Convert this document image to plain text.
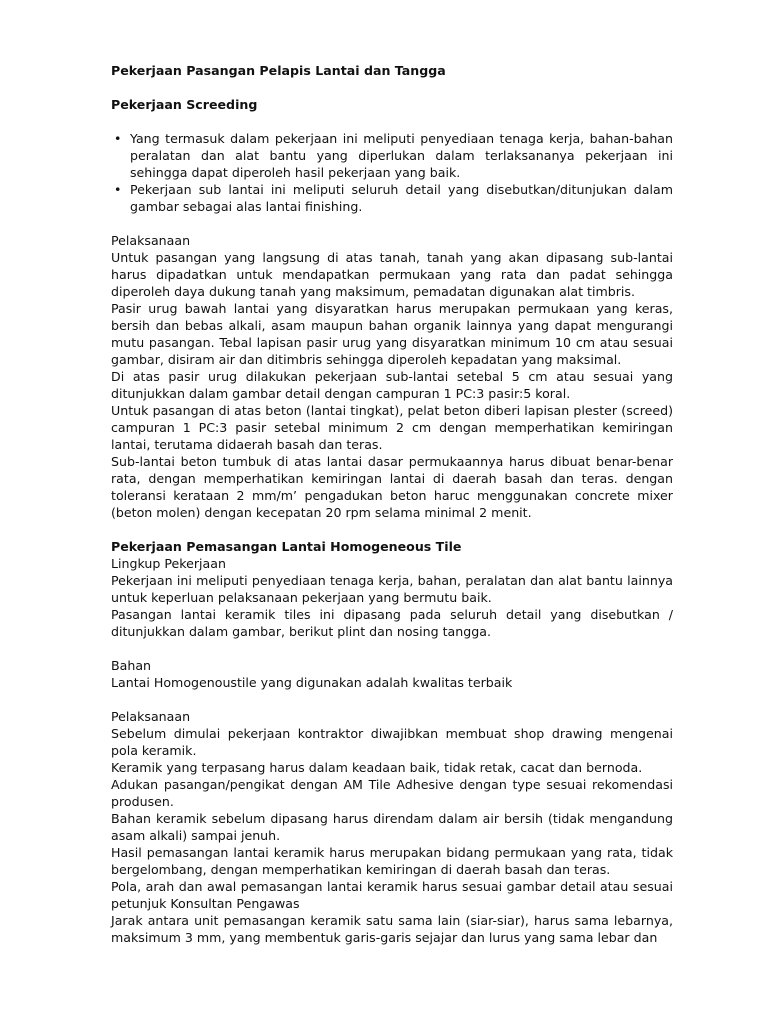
Pekerjaan Pasangan Pelapis Lantai dan Tangga

Pekerjaan Screeding

• Yang termasuk dalam pekerjaan ini meliputi penyediaan tenaga kerja, bahan-bahan peralatan dan alat bantu yang diperlukan dalam terlaksananya pekerjaan ini sehingga dapat diperoleh hasil pekerjaan yang baik.
• Pekerjaan sub lantai ini meliputi seluruh detail yang disebutkan/ditunjukan dalam gambar sebagai alas lantai finishing.

Pelaksanaan

Untuk pasangan yang langsung di atas tanah, tanah yang akan dipasang sub-lantai harus dipadatkan untuk mendapatkan permukaan yang rata dan padat sehingga diperoleh daya dukung tanah yang maksimum, pemadatan digunakan alat timbris.

Pasir urug bawah lantai yang disyaratkan harus merupakan permukaan yang keras, bersih dan bebas alkali, asam maupun bahan organik lainnya yang dapat mengurangi mutu pasangan. Tebal lapisan pasir urug yang disyaratkan minimum 10 cm atau sesuai gambar, disiram air dan ditimbris sehingga diperoleh kepadatan yang maksimal.

Di atas pasir urug dilakukan pekerjaan sub-lantai setebal 5 cm atau sesuai yang ditunjukkan dalam gambar detail dengan campuran 1 PC:3 pasir:5 koral.

Untuk pasangan di atas beton (lantai tingkat), pelat beton diberi lapisan plester (screed) campuran 1 PC:3 pasir setebal minimum 2 cm dengan memperhatikan kemiringan lantai, terutama didaerah basah dan teras.

Sub-lantai beton tumbuk di atas lantai dasar permukaannya harus dibuat benar-benar rata, dengan memperhatikan kemiringan lantai di daerah basah dan teras. dengan toleransi kerataan 2 mm/m’ pengadukan beton haruc menggunakan concrete mixer (beton molen) dengan kecepatan 20 rpm selama minimal 2 menit.

Pekerjaan Pemasangan Lantai Homogeneous Tile

Lingkup Pekerjaan

Pekerjaan ini meliputi penyediaan tenaga kerja, bahan, peralatan dan alat bantu lainnya untuk keperluan pelaksanaan pekerjaan yang bermutu baik.

Pasangan lantai keramik tiles ini dipasang pada seluruh detail yang disebutkan / ditunjukkan dalam gambar, berikut plint dan nosing tangga.

Bahan

Lantai Homogenoustile yang digunakan adalah kwalitas terbaik

Pelaksanaan

Sebelum dimulai pekerjaan kontraktor diwajibkan membuat shop drawing mengenai pola keramik.

Keramik yang terpasang harus dalam keadaan baik, tidak retak, cacat dan bernoda.

Adukan pasangan/pengikat dengan AM Tile Adhesive dengan type sesuai rekomendasi produsen.

Bahan keramik sebelum dipasang harus direndam dalam air bersih (tidak mengandung asam alkali) sampai jenuh.

Hasil pemasangan lantai keramik harus merupakan bidang permukaan yang rata, tidak bergelombang, dengan memperhatikan kemiringan di daerah basah dan teras.

Pola, arah dan awal pemasangan lantai keramik harus sesuai gambar detail atau sesuai petunjuk Konsultan Pengawas

Jarak antara unit pemasangan keramik satu sama lain (siar-siar), harus sama lebarnya, maksimum 3 mm, yang membentuk garis-garis sejajar dan lurus yang sama lebar dan
